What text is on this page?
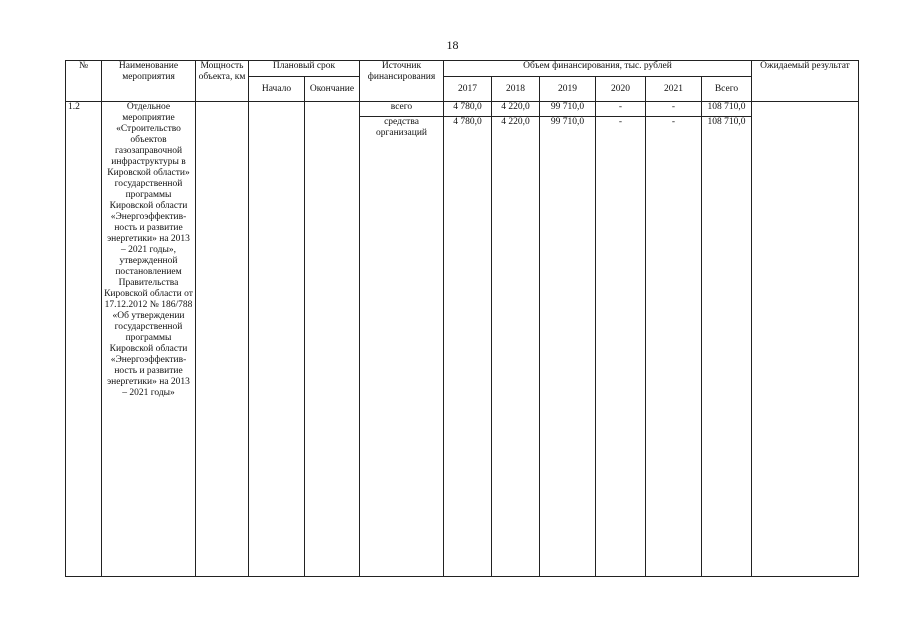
18
№	Наименование мероприятия	Мощность объекта, км	Плановый срок		Источник финансирования	Объем финансирования, тыс. рублей						Ожидаемый результат
			Начало	Окончание		2017	2018	2019	2020	2021	Всего	
1.2	Отдельное мероприятие «Строительство объектов газозаправочной инфраструктуры в Кировской области» государственной программы Кировской области «Энергоэффектив-ность и развитие энергетики» на 2013 – 2021 годы», утвержденной постановлением Правительства Кировской области от 17.12.2012 № 186/788 «Об утверждении государственной программы Кировской области «Энергоэффектив-ность и развитие энергетики» на 2013 – 2021 годы»				всего	4 780,0	4 220,0	99 710,0	-	-	108 710,0	
					средства организаций	4 780,0	4 220,0	99 710,0	-	-	108 710,0	
